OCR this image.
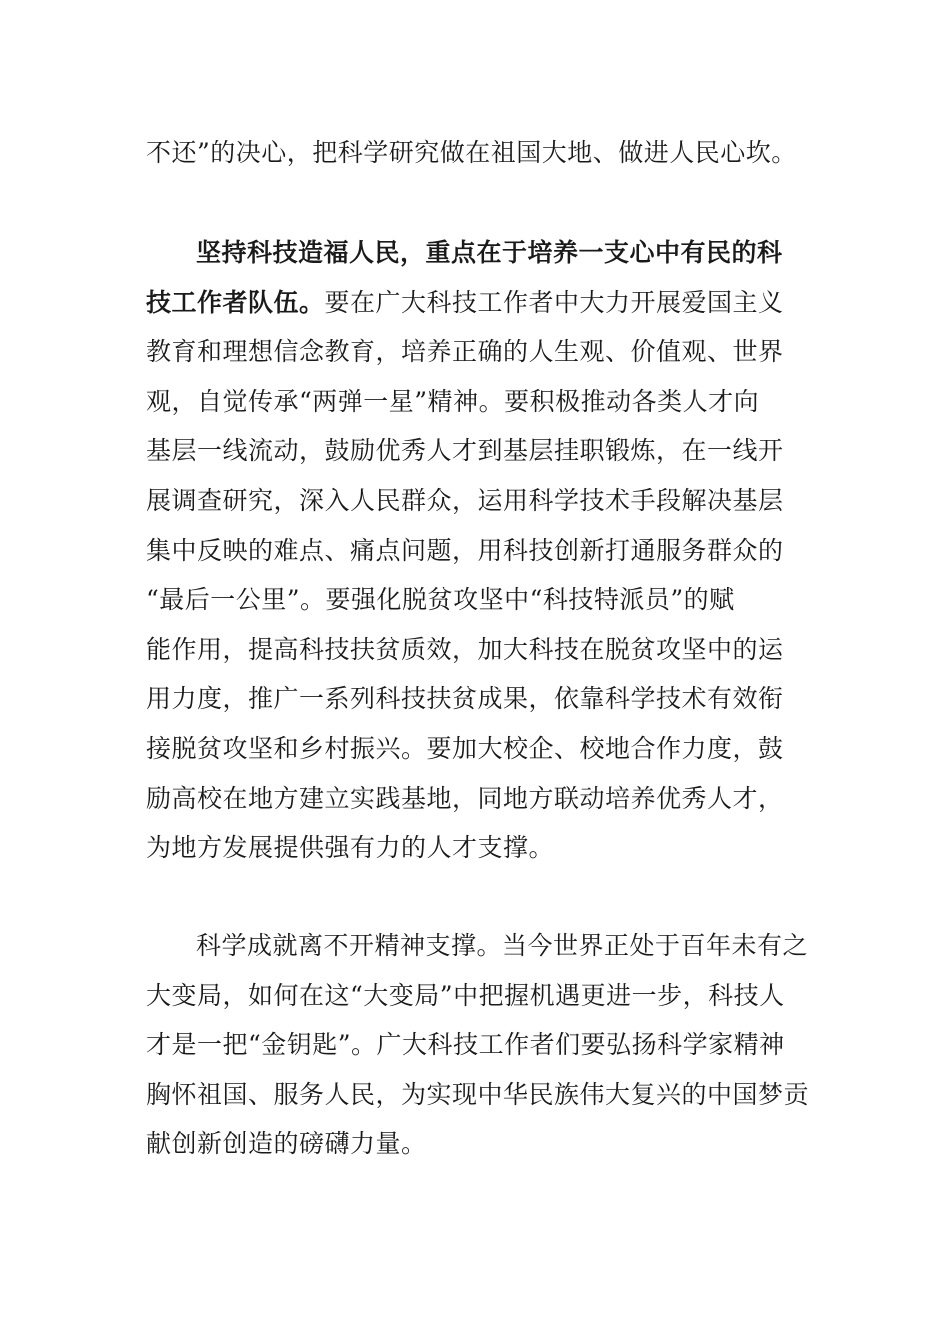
不还”的决心，把科学研究做在祖国大地、做进人民心坎。
坚持科技造福人民，重点在于培养一支心中有民的科
技工作者队伍。要在广大科技工作者中大力开展爱国主义
教育和理想信念教育，培养正确的人生观、价值观、世界
观，自觉传承“两弹一星”精神。要积极推动各类人才向
基层一线流动，鼓励优秀人才到基层挂职锻炼，在一线开
展调查研究，深入人民群众，运用科学技术手段解决基层
集中反映的难点、痛点问题，用科技创新打通服务群众的
“最后一公里”。要强化脱贫攻坚中“科技特派员”的赋
能作用，提高科技扶贫质效，加大科技在脱贫攻坚中的运
用力度，推广一系列科技扶贫成果，依靠科学技术有效衔
接脱贫攻坚和乡村振兴。要加大校企、校地合作力度，鼓
励高校在地方建立实践基地，同地方联动培养优秀人才，
为地方发展提供强有力的人才支撑。
科学成就离不开精神支撑。当今世界正处于百年未有之
大变局，如何在这“大变局”中把握机遇更进一步，科技人
才是一把“金钥匙”。广大科技工作者们要弘扬科学家精神
胸怀祖国、服务人民，为实现中华民族伟大复兴的中国梦贡
献创新创造的磅礴力量。
